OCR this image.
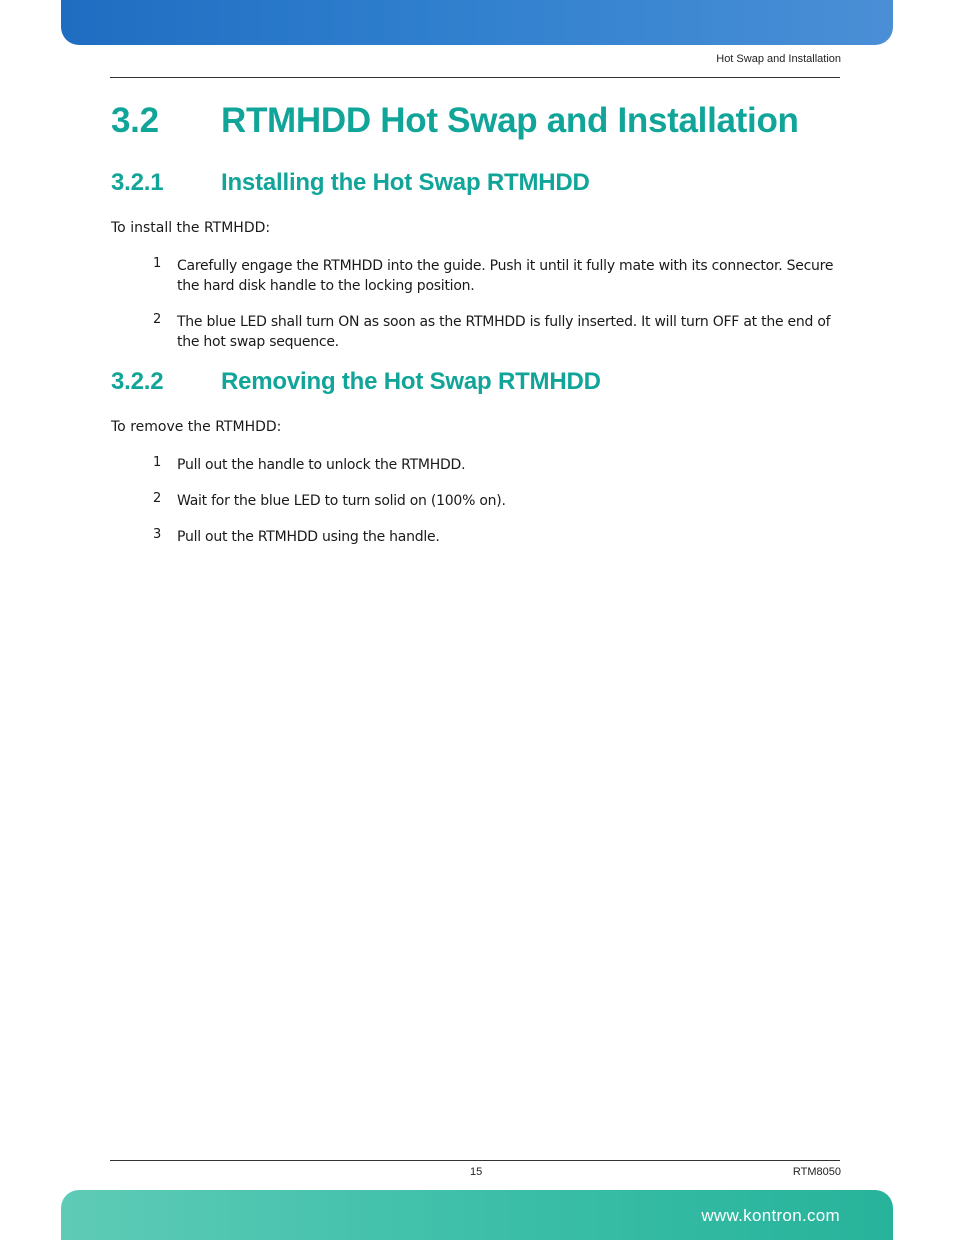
Hot Swap and Installation
3.2 RTMHDD Hot Swap and Installation
3.2.1 Installing the Hot Swap RTMHDD
To install the RTMHDD:
1 Carefully engage the RTMHDD into the guide. Push it until it fully mate with its connector. Secure the hard disk handle to the locking position.
2 The blue LED shall turn ON as soon as the RTMHDD is fully inserted. It will turn OFF at the end of the hot swap sequence.
3.2.2 Removing the Hot Swap RTMHDD
To remove the RTMHDD:
1 Pull out the handle to unlock the RTMHDD.
2 Wait for the blue LED to turn solid on (100% on).
3 Pull out the RTMHDD using the handle.
15	RTM8050
www.kontron.com
